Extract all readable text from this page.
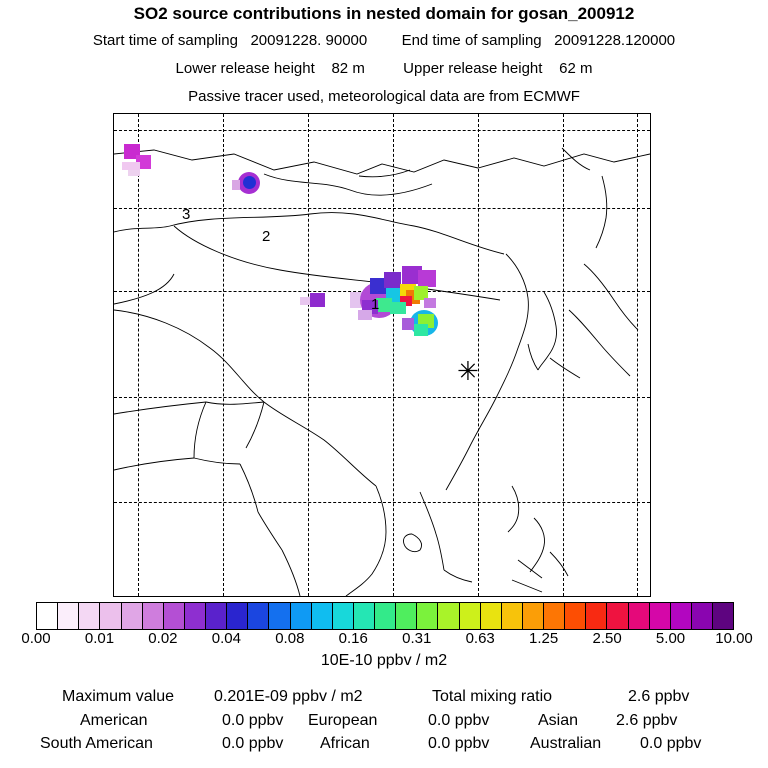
SO2 source contributions in nested domain for gosan_200912
Start time of sampling 20091228. 90000 End time of sampling 20091228.120000
Lower release height 82 m	Upper release height 62 m
Passive tracer used, meteorological data are from ECMWF
3
2
1
✳
0.00 0.01 0.02 0.04 0.08 0.16 0.31 0.63 1.25 2.50 5.00 10.00
10E-10 ppbv / m2
Maximum value 0.201E-09 ppbv / m2	Total mixing ratio	2.6 ppbv
American	0.0 ppbv European	0.0 ppbv	Asian 2.6 ppbv
South American	0.0 ppbv African	0.0 ppbv	Australian 0.0 ppbv
